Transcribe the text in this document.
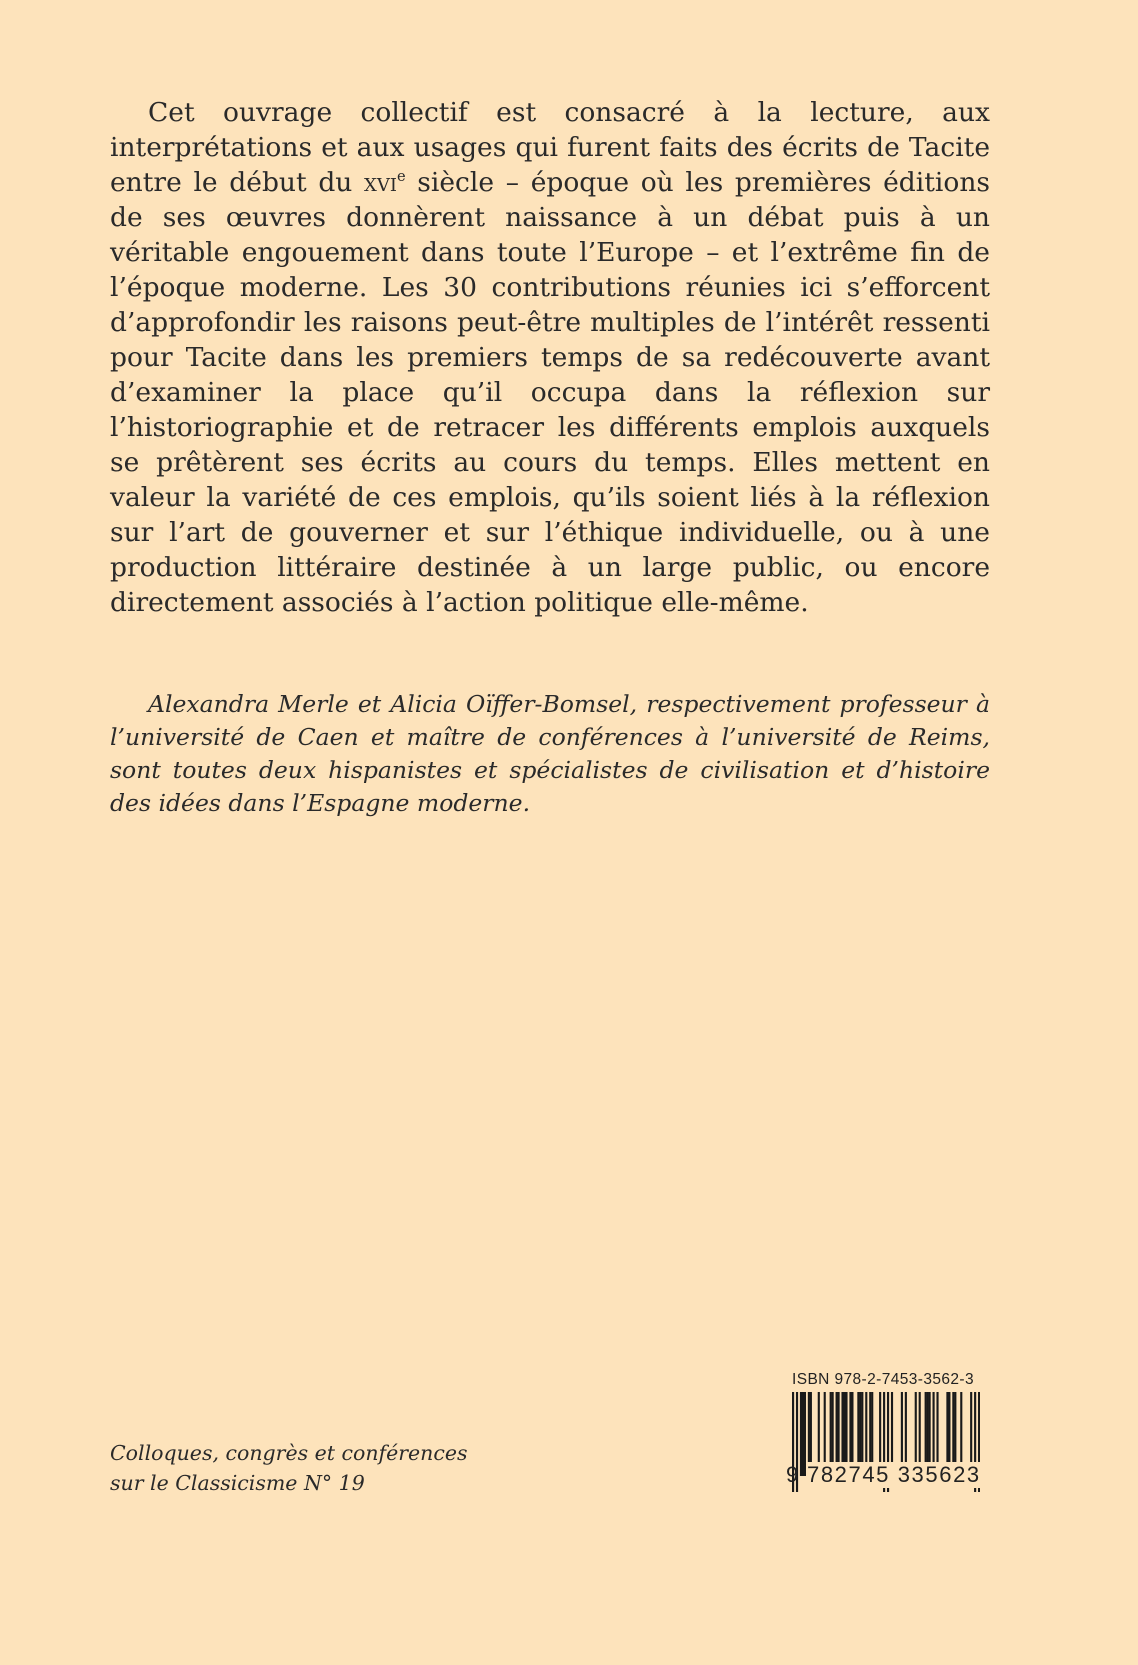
Cet ouvrage collectif est consacré à la lecture, aux interprétations et aux usages qui furent faits des écrits de Tacite entre le début du xvi$^e$ siècle – époque où les premières éditions de ses œuvres donnèrent naissance à un débat puis à un véritable engouement dans toute l’Europe – et l’extrême fin de l’époque moderne. Les 30 contributions réunies ici s’efforcent d’approfondir les raisons peut-être multiples de l’intérêt ressenti pour Tacite dans les premiers temps de sa redécouverte avant d’examiner la place qu’il occupa dans la réflexion sur l’historiographie et de retracer les différents emplois auxquels se prêtèrent ses écrits au cours du temps. Elles mettent en valeur la variété de ces emplois, qu’ils soient liés à la réflexion sur l’art de gouverner et sur l’éthique individuelle, ou à une production littéraire destinée à un large public, ou encore directement associés à l’action politique elle-même.

Alexandra Merle et Alicia Oïffer-Bomsel, respectivement professeur à l’université de Caen et maître de conférences à l’université de Reims, sont toutes deux hispanistes et spécialistes de civilisation et d’histoire des idées dans l’Espagne moderne.

Colloques, congrès et conférences
sur le Classicisme N° 19
ISBN 978-2-7453-3562-3
9 782745 335623
